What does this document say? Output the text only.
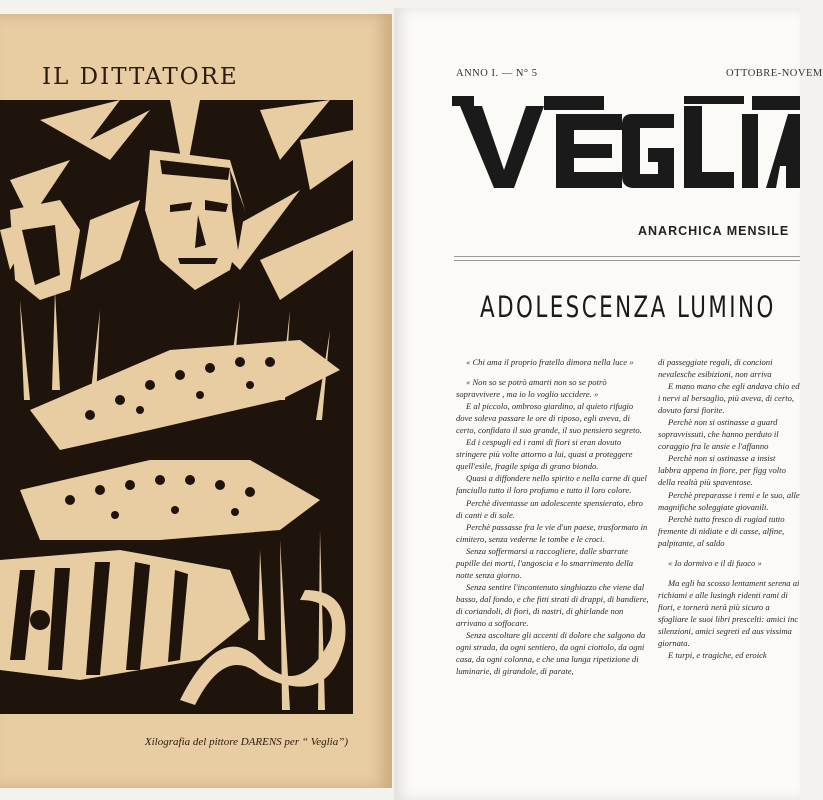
IL DITTATORE
Xilografia del pittore DARENS per “ Veglia”)
ANNO I. — N° 5	OTTOBRE-NOVEM
ANARCHICA MENSILE
ADOLESCENZA LUMINO

« Chi ama il proprio fratello dimora nella luce »

« Non so se potrò amarti non so se potrò sopravvivere , ma io lo voglio uccidere. »

E al piccolo, ombroso giardino, al quieto rifugio dove soleva passare le ore di riposo, egli aveva, di certo, confidato il suo grande, il suo pensiero segreto.

Ed i cespugli ed i rami di fiori si eran dovuto stringere più volte attorno a lui, quasi a proteggere quell'esile, fragile spiga di grano biondo.

Quasi a diffondere nello spirito e nella carne di quel fanciullo tutto il loro profumo e tutto il loro colore.

Perchè diventasse un adolescente spensierato, ebro di canti e di sole.

Perchè passasse fra le vie d'un paese, trasformato in cimitero, senza vederne le tombe e le croci.

Senza soffermarsi a raccogliere, dalle sbarrate pupille dei morti, l'angoscia e lo smarrimento della notte senza giorno.

Senza sentire l'incontenuto singhiozzo che viene dal basso, dal fondo, e che fitti strati di drappi, di bandiere, di coriandoli, di fiori, di nastri, di ghirlande non arrivano a soffocare.

Senza ascoltare gli accenti di dolore che salgono da ogni strada, da ogni sentiero, da ogni ciottolo, da ogni casa, da ogni colonna, e che una lunga ripetizione di luminarie, di girandole, di parate,

di passeggiate regali, di concioni nevalesche esibizioni, non arriva

E mano mano che egli andava chio ed i nervi al bersaglio, più aveva, di certo, dovuto farsi fiorite.

Perchè non si ostinasse a guard sopravvissuti, che hanno perduto il coraggio fra le ansie e l'affanno

Perchè non si ostinasse a insist labbra appena in fiore, per figg volto della realtà più spaventose.

Perchè preparasse i remi e le suo, alle magnifiche soleggiate giovanili.

Perchè tutto fresco di rugiad tutto fremente di nidiate e di casse, alfine, palpitante, al saldo

« Io dormivo e il di fuoco »

Ma egli ha scosso lentament serena ai richiami e alle lusingh ridenti rami di fiori, e tornerà nerà più sicuro a sfogliare le suoi libri prescelti: amici inc silenzioni, amici segreti ed aus vissima giornata.

E turpi, e tragiche, ed eroick
